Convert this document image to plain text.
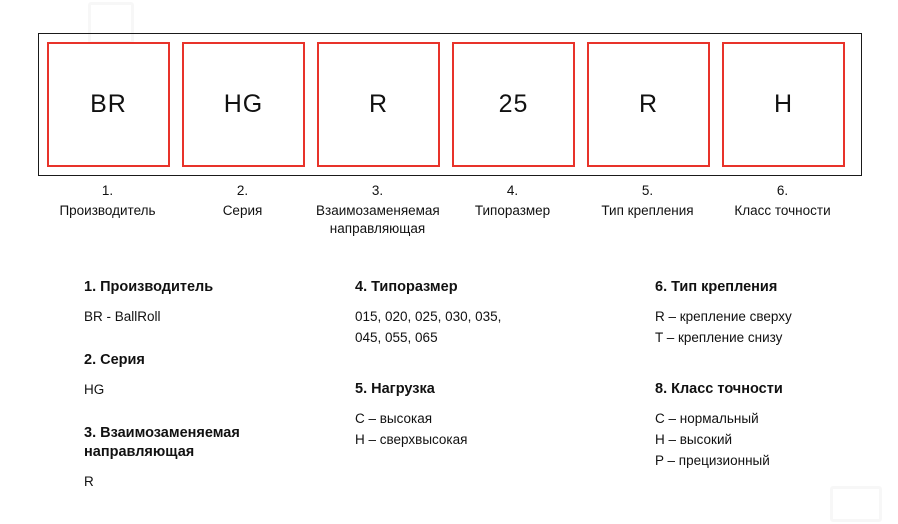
BR	HG	R	25	R	H
1.
Производитель
2.
Серия
3.
Взаимозаменяемая направляющая
4.
Типоразмер
5.
Тип крепления
6.
Класс точности
1. Производитель
BR - BallRoll
2. Серия
HG
3. Взаимозаменяемая направляющая
R
4. Типоразмер
015, 020, 025, 030, 035,
045, 055, 065
5. Нагрузка
C – высокая
H – сверхвысокая
6. Тип крепления
R – крепление сверху
T – крепление снизу
8. Класс точности
C – нормальный
H – высокий
P – прецизионный
